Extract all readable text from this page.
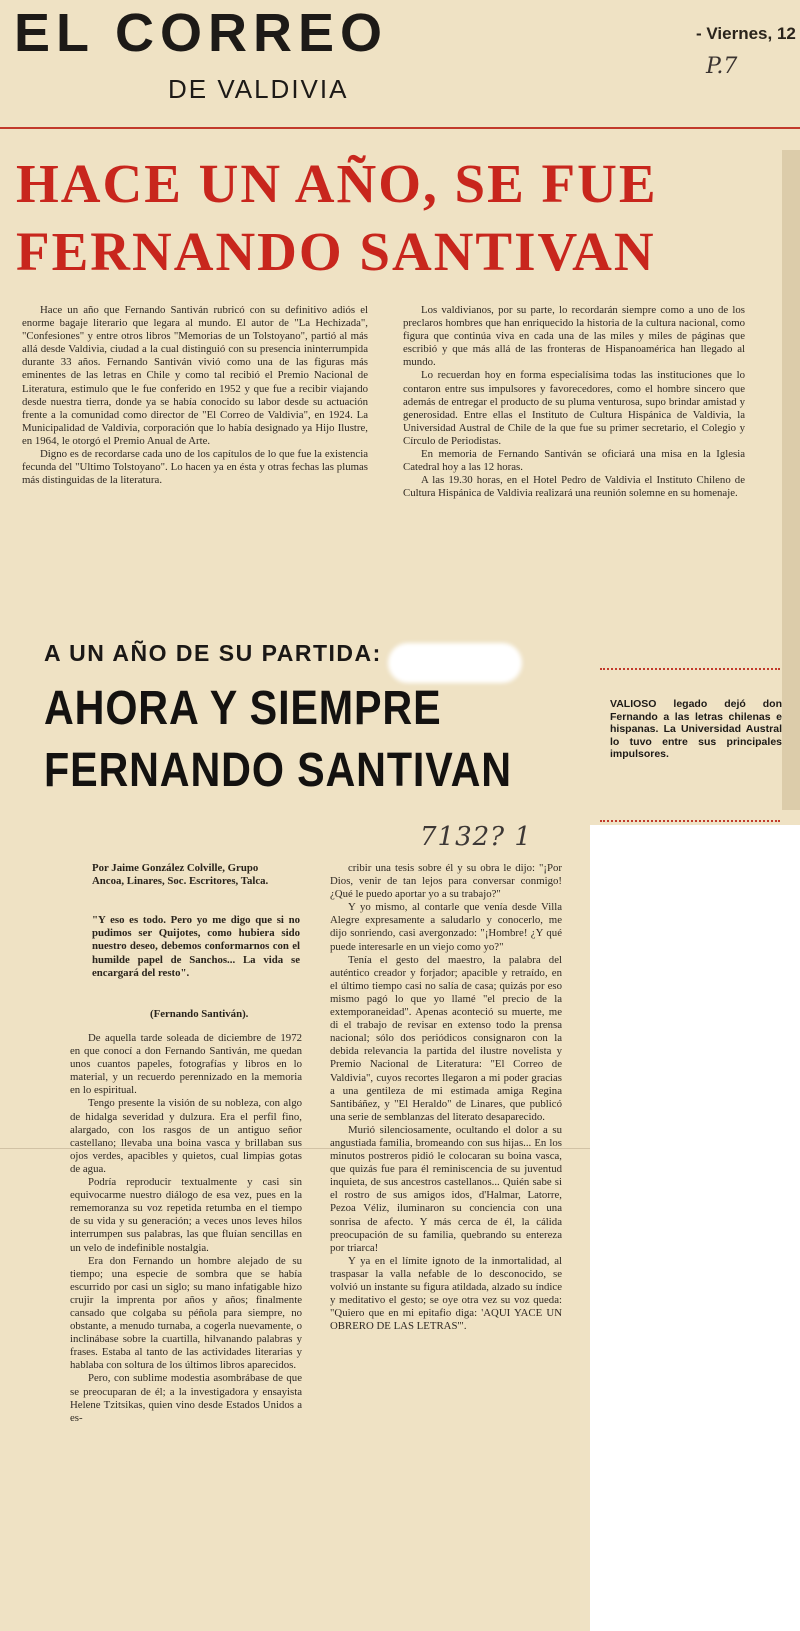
EL CORREO
DE VALDIVIA
- Viernes, 12
P.7
HACE UN AÑO, SE FUE
FERNANDO SANTIVAN

Hace un año que Fernando Santiván rubricó con su definitivo adiós el enorme bagaje literario que legara al mundo. El autor de "La Hechizada", "Confesiones" y entre otros libros "Memorias de un Tolstoyano", partió al más allá desde Valdivia, ciudad a la cual distinguió con su presencia ininterrumpida durante 33 años. Fernando Santiván vivió como una de las figuras más eminentes de las letras en Chile y como tal recibió el Premio Nacional de Literatura, estimulo que le fue conferido en 1952 y que fue a recibir viajando desde nuestra tierra, donde ya se había conocido su labor desde su actuación frente a la comunidad como director de "El Correo de Valdivia", en 1924. La Municipalidad de Valdivia, corporación que lo había designado ya Hijo Ilustre, en 1964, le otorgó el Premio Anual de Arte.

Digno es de recordarse cada uno de los capítulos de lo que fue la existencia fecunda del "Ultimo Tolstoyano". Lo hacen ya en ésta y otras fechas las plumas más distinguidas de la literatura.

Los valdivianos, por su parte, lo recordarán siempre como a uno de los preclaros hombres que han enriquecido la historia de la cultura nacional, como figura que continúa viva en cada una de las miles y miles de páginas que escribió y que más allá de las fronteras de Hispanoamérica han llegado al mundo.

Lo recuerdan hoy en forma especialísima todas las instituciones que lo contaron entre sus impulsores y favorecedores, como el hombre sincero que además de entregar el producto de su pluma venturosa, supo brindar amistad y generosidad. Entre ellas el Instituto de Cultura Hispánica de Valdivia, la Universidad Austral de Chile de la que fue su primer secretario, el Colegio y Círculo de Periodistas.

En memoria de Fernando Santiván se oficiará una misa en la Iglesia Catedral hoy a las 12 horas.

A las 19.30 horas, en el Hotel Pedro de Valdivia el Instituto Chileno de Cultura Hispánica de Valdivia realizará una reunión solemne en su homenaje.

A UN AÑO DE SU PARTIDA:
AHORA Y SIEMPRE
FERNANDO SANTIVAN
VALIOSO legado dejó don Fernando a las letras chilenas e hispanas. La Universidad Austral lo tuvo entre sus principales impulsores.
7132? 1
Por Jaime González Colville, Grupo Ancoa, Linares, Soc. Escritores, Talca.
"Y eso es todo. Pero yo me digo que si no pudimos ser Quijotes, como hubiera sido nuestro deseo, debemos conformarnos con el humilde papel de Sanchos... La vida se encargará del resto".
(Fernando Santiván).

De aquella tarde soleada de diciembre de 1972 en que conocí a don Fernando Santiván, me quedan unos cuantos papeles, fotografías y libros en lo material, y un recuerdo perennizado en la memoria en lo espiritual.

Tengo presente la visión de su nobleza, con algo de hidalga severidad y dulzura. Era el perfil fino, alargado, con los rasgos de un antiguo señor castellano; llevaba una boina vasca y brillaban sus ojos verdes, apacibles y quietos, cual limpias gotas de agua.

Podría reproducir textualmente y casi sin equivocarme nuestro diálogo de esa vez, pues en la rememoranza su voz repetida retumba en el tiempo de su vida y su generación; a veces unos leves hilos interrumpen sus palabras, las que fluían sencillas en un velo de indefinible nostalgia.

Era don Fernando un hombre alejado de su tiempo; una especie de sombra que se había escurrido por casi un siglo; su mano infatigable hizo crujir la imprenta por años y años; finalmente cansado que colgaba su péñola para siempre, no obstante, a menudo turnaba, a cogerla nuevamente, o inclinábase sobre la cuartilla, hilvanando palabras y frases. Estaba al tanto de las actividades literarias y hablaba con soltura de los últimos libros aparecidos.

Pero, con sublime modestia asombrábase de que se preocuparan de él; a la investigadora y ensayista Helene Tzitsikas, quien vino desde Estados Unidos a es-

cribir una tesis sobre él y su obra le dijo: "¡Por Dios, venir de tan lejos para conversar conmigo! ¿Qué le puedo aportar yo a su trabajo?"

Y yo mismo, al contarle que venía desde Villa Alegre expresamente a saludarlo y conocerlo, me dijo sonriendo, casi avergonzado: "¡Hombre! ¿Y qué puede interesarle en un viejo como yo?"

Tenía el gesto del maestro, la palabra del auténtico creador y forjador; apacible y retraído, en el último tiempo casi no salía de casa; quizás por eso mismo pagó lo que yo llamé "el precio de la extemporaneidad". Apenas aconteció su muerte, me di el trabajo de revisar en extenso todo la prensa nacional; sólo dos periódicos consignaron con la debida relevancia la partida del ilustre novelista y Premio Nacional de Literatura: "El Correo de Valdivia", cuyos recortes llegaron a mi poder gracias a una gentileza de mi estimada amiga Regina Santibáñez, y "El Heraldo" de Linares, que publicó una serie de semblanzas del literato desaparecido.

Murió silenciosamente, ocultando el dolor a su angustiada familia, bromeando con sus hijas... En los minutos postreros pidió le colocaran su boina vasca, que quizás fue para él reminiscencia de su juventud inquieta, de sus ancestros castellanos... Quién sabe si el rostro de sus amigos idos, d'Halmar, Latorre, Pezoa Véliz, iluminaron su conciencia con una sonrisa de afecto. Y más cerca de él, la cálida preocupación de su familia, quebrando su entereza por triarca!

Y ya en el límite ignoto de la inmortalidad, al traspasar la valla nefable de lo desconocido, se volvió un instante su figura atildada, alzado su índice y meditativo el gesto; se oye otra vez su voz queda: "Quiero que en mi epitafio diga: 'AQUI YACE UN OBRERO DE LAS LETRAS'".
